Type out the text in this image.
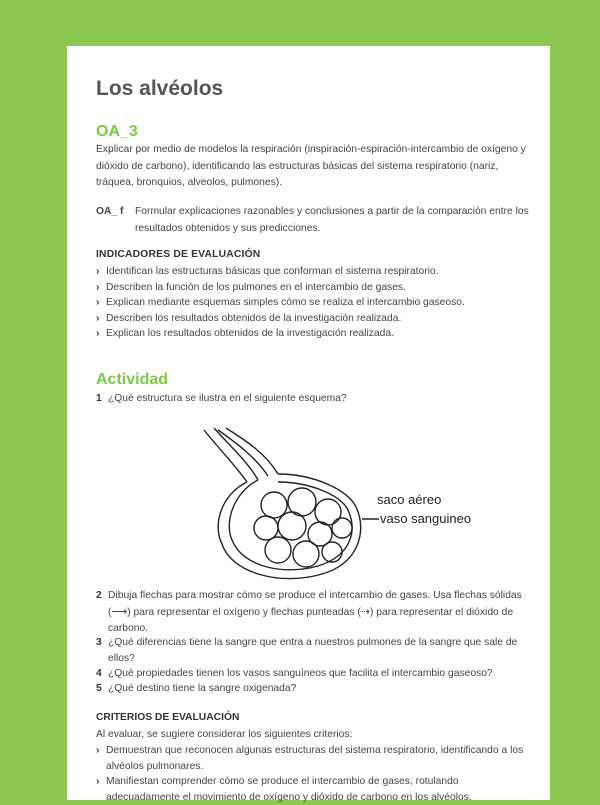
Los alvéolos
OA_3
Explicar por medio de modelos la respiración (inspiración-espiración-intercambio de oxígeno y dióxido de carbono), identificando las estructuras básicas del sistema respiratorio (nariz, tráquea, bronquios, alveolos, pulmones).
OA_ f Formular explicaciones razonables y conclusiones a partir de la comparación entre los resultados obtenidos y sus predicciones.
INDICADORES DE EVALUACIÓN
› Identifican las estructuras básicas que conforman el sistema respiratorio.
› Describen la función de los pulmones en el intercambio de gases.
› Explican mediante esquemas simples cómo se realiza el intercambio gaseoso.
› Describen los resultados obtenidos de la investigación realizada.
› Explican los resultados obtenidos de la investigación realizada.
Actividad
1 ¿Qué estructura se ilustra en el siguiente esquema?
saco aéreo
vaso sanguineo
2 Dibuja flechas para mostrar cómo se produce el intercambio de gases. Usa flechas sólidas (⟶) para representar el oxígeno y flechas punteadas (⇢) para representar el dióxido de carbono.
3 ¿Qué diferencias tiene la sangre que entra a nuestros pulmones de la sangre que sale de ellos?
4 ¿Qué propiedades tienen los vasos sanguíneos que facilita el intercambio gaseoso?
5 ¿Qué destino tiene la sangre oxigenada?
CRITERIOS DE EVALUACIÓN
Al evaluar, se sugiere considerar los siguientes criterios:
› Demuestran que reconocen algunas estructuras del sistema respiratorio, identificando a los alvéolos pulmonares.
› Manifiestan comprender cómo se produce el intercambio de gases, rotulando adecuadamente el movimiento de oxígeno y dióxido de carbono en los alvéolos.
